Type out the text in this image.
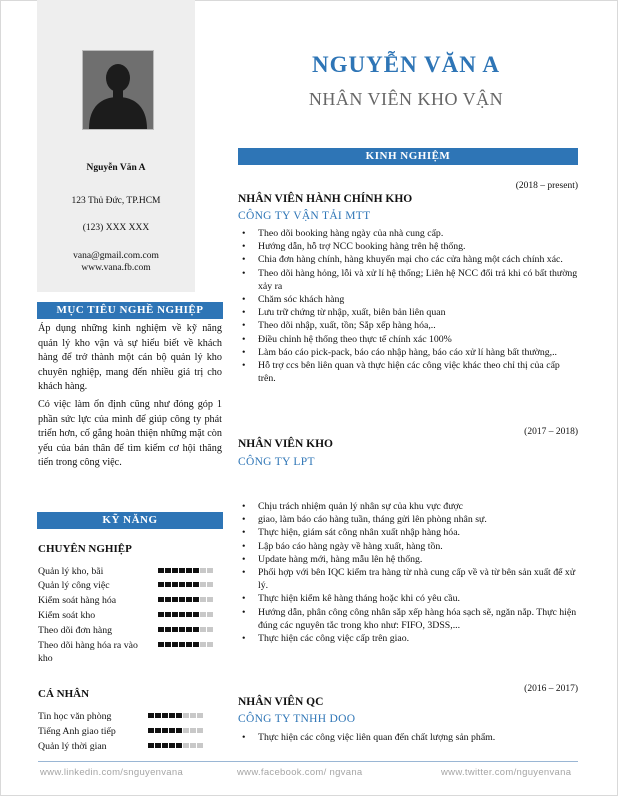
Nguyễn Văn A
123 Thủ Đức, TP.HCM
(123) XXX XXX
vana@gmail.com.com
www.vana.fb.com
MỤC TIÊU NGHỀ NGHIỆP

Áp dụng những kinh nghiệm về kỹ năng quản lý kho vận và sự hiểu biết về khách hàng để trở thành một cán bộ quản lý kho chuyên nghiệp, mang đến nhiều giá trị cho khách hàng.

Có việc làm ổn định cũng như đóng góp 1 phần sức lực của mình để giúp công ty phát triển hơn, cố gắng hoàn thiện những mặt còn yếu của bản thân để tìm kiếm cơ hội thăng tiến trong công việc.

KỸ NĂNG
CHUYÊN NGHIỆP
Quản lý kho, bãi
Quản lý công việc
Kiểm soát hàng hóa
Kiểm soát kho
Theo dõi đơn hàng
Theo dõi hàng hóa ra vào kho
CÁ NHÂN
Tin học văn phòng
Tiếng Anh giao tiếp
Quản lý thời gian
NGUYỄN VĂN A
NHÂN VIÊN KHO VẬN
KINH NGHIỆM
(2018 – present)
NHÂN VIÊN HÀNH CHÍNH KHO
CÔNG TY VẬN TẢI MTT
• Theo dõi booking hàng ngày của nhà cung cấp.
• Hướng dẫn, hỗ trợ NCC booking hàng trên hệ thống.
• Chia đơn hàng chính, hàng khuyến mại cho các cửa hàng một cách chính xác.
• Theo dõi hàng hỏng, lỗi và xử lí hệ thống; Liên hệ NCC đổi trả khi có bất thường xảy ra
• Chăm sóc khách hàng
• Lưu trữ chứng từ nhập, xuất, biên bản liên quan
• Theo dõi nhập, xuất, tồn; Sắp xếp hàng hóa,..
• Điều chỉnh hệ thống theo thực tế chính xác 100%
• Làm báo cáo pick-pack, báo cáo nhập hàng, báo cáo xử lí hàng bất thường,..
• Hỗ trợ ccs bên liên quan và thực hiện các công việc khác theo chỉ thị của cấp trên.
(2017 – 2018)
NHÂN VIÊN KHO
CÔNG TY LPT
• Chịu trách nhiệm quản lý nhân sự của khu vực được
• giao, làm báo cáo hàng tuần, tháng gửi lên phòng nhân sự.
• Thực hiện, giám sát công nhân xuất nhập hàng hóa.
• Lập báo cáo hàng ngày về hàng xuất, hàng tồn.
• Update hàng mới, hàng mẫu lên hệ thống.
• Phối hợp với bên IQC kiểm tra hàng từ nhà cung cấp về và từ bên sản xuất để xử lý.
• Thực hiện kiểm kê hàng tháng hoặc khi có yêu cầu.
• Hướng dẫn, phân công công nhân sắp xếp hàng hóa sạch sẽ, ngăn nắp. Thực hiện đúng các nguyên tắc trong kho như: FIFO, 3DSS,...
• Thực hiện các công việc cấp trên giao.
(2016 – 2017)
NHÂN VIÊN QC
CÔNG TY TNHH DOO
• Thực hiện các công việc liên quan đến chất lượng sản phẩm.
www.linkedin.com/snguyenvana	www.facebook.com/ ngvana	www.twitter.com/nguyenvana
